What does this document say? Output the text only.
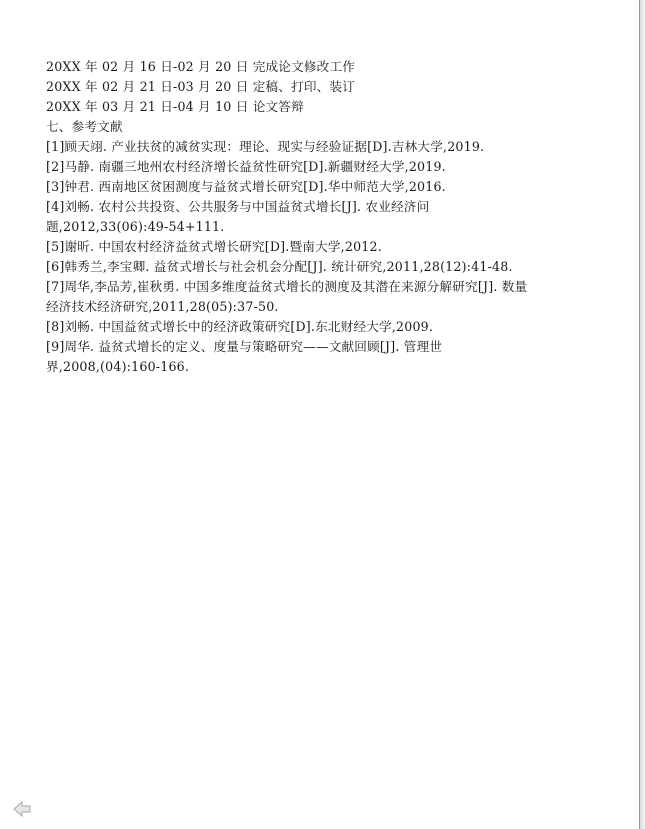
20XX 年 02 月 16 日-02 月 20 日 完成论文修改工作
20XX 年 02 月 21 日-03 月 20 日 定稿、打印、装订
20XX 年 03 月 21 日-04 月 10 日 论文答辩
七、参考文献
[1]顾天翊. 产业扶贫的减贫实现：理论、现实与经验证据[D].吉林大学,2019.
[2]马静. 南疆三地州农村经济增长益贫性研究[D].新疆财经大学,2019.
[3]钟君. 西南地区贫困测度与益贫式增长研究[D].华中师范大学,2016.
[4]刘畅. 农村公共投资、公共服务与中国益贫式增长[J]. 农业经济问
题,2012,33(06):49-54+111.
[5]谢昕. 中国农村经济益贫式增长研究[D].暨南大学,2012.
[6]韩秀兰,李宝卿. 益贫式增长与社会机会分配[J]. 统计研究,2011,28(12):41-48.
[7]周华,李品芳,崔秋勇. 中国多维度益贫式增长的测度及其潜在来源分解研究[J]. 数量
经济技术经济研究,2011,28(05):37-50.
[8]刘畅. 中国益贫式增长中的经济政策研究[D].东北财经大学,2009.
[9]周华. 益贫式增长的定义、度量与策略研究——文献回顾[J]. 管理世
界,2008,(04):160-166.
